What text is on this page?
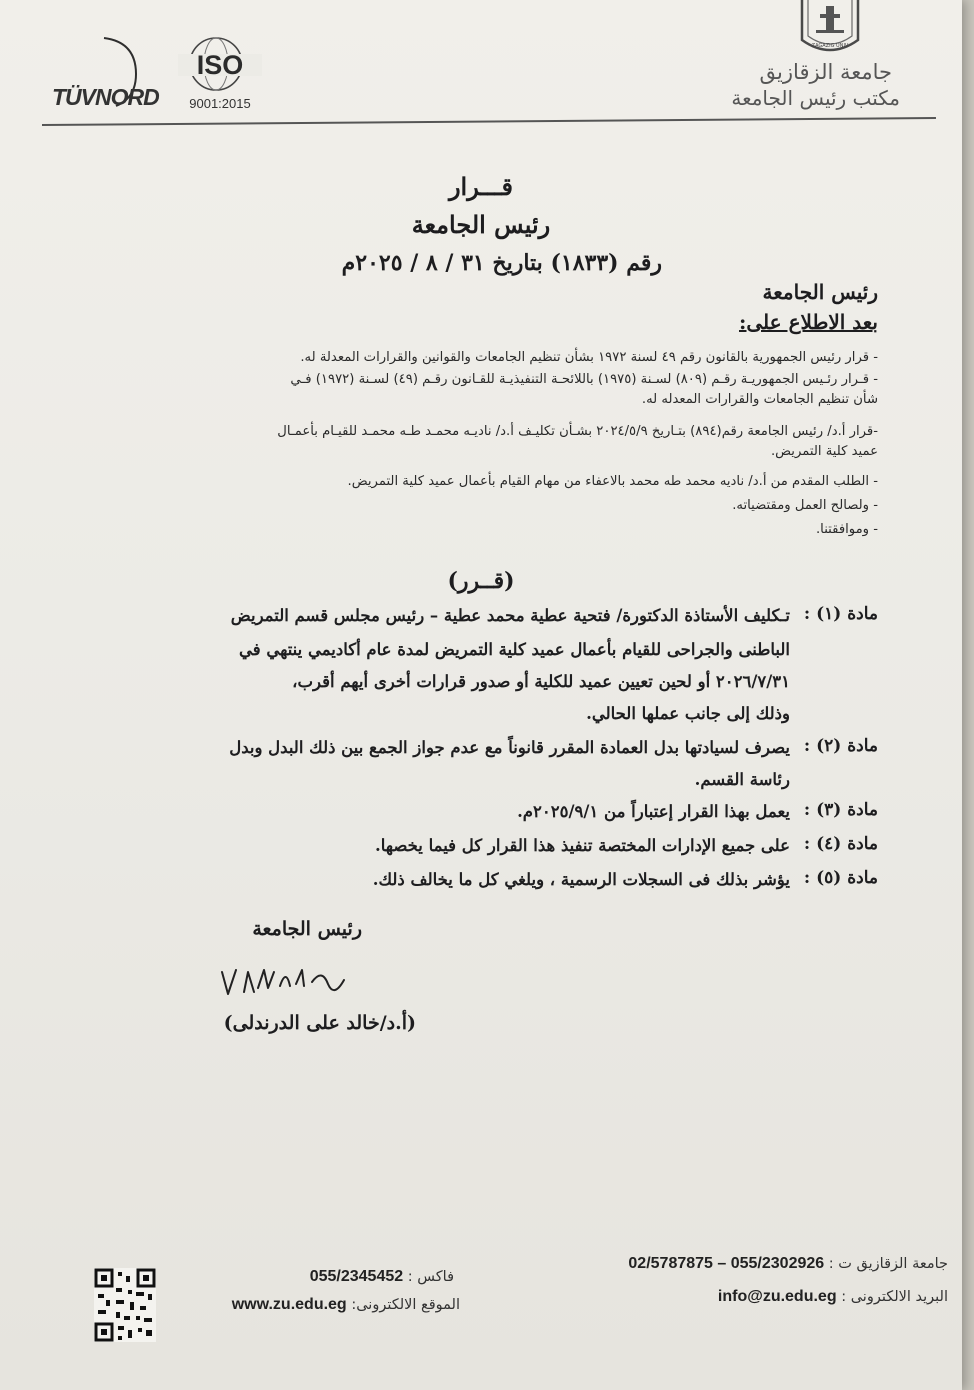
ZAGAZIG UNIV
جامعة الزقازيق
مكتب رئيس الجامعة
TÜVNORD
ISO
9001:2015
قـــرار
رئيس الجامعة
رقم (١٨٣٣) بتاريخ ٣١ / ٨ / ٢٠٢٥م
رئيس الجامعة
بعد الاطلاع على:
- قرار رئيس الجمهورية بالقانون رقم ٤٩ لسنة ١٩٧٢ بشأن تنظيم الجامعات والقوانين والقرارات المعدلة له.
- قـرار رئـيس الجمهوريـة رقـم (٨٠٩) لسـنة (١٩٧٥) باللائحـة التنفيذيـة للقـانون رقـم (٤٩) لسـنة (١٩٧٢) فـي
شأن تنظيم الجامعات والقرارات المعدله له.
-قرار أ.د/ رئيس الجامعة رقم(٨٩٤) بتـاريخ ٢٠٢٤/٥/٩ بشـأن تكليـف أ.د/ ناديـه محمـد طـه محمـد للقيـام بأعمـال
عميد كلية التمريض.
- الطلب المقدم من أ.د/ ناديه محمد طه محمد بالاعفاء من مهام القيام بأعمال عميد كلية التمريض.
- ولصالح العمل ومقتضياته.
- وموافقتنا.
(قــرر)
مادة (١) :
تـكليف الأستاذة الدكتورة/ فتحية عطية محمد عطية – رئيس مجلس قسم التمريض
الباطنى والجراحى للقيام بأعمال عميد كلية التمريض لمدة عام أكاديمي ينتهي في
٢٠٢٦/٧/٣١ أو لحين تعيين عميد للكلية أو صدور قرارات أخرى أيهم أقرب،
وذلك إلى جانب عملها الحالي.
مادة (٢) :
يصرف لسيادتها بدل العمادة المقرر قانوناً مع عدم جواز الجمع بين ذلك البدل وبدل
رئاسة القسم.
مادة (٣) :
يعمل بهذا القرار إعتباراً من ٢٠٢٥/٩/١م.
مادة (٤) :
على جميع الإدارات المختصة تنفيذ هذا القرار كل فيما يخصها.
مادة (٥) :
يؤشر بذلك فى السجلات الرسمية ، ويلغي كل ما يخالف ذلك.
رئيس الجامعة
(أ.د/خالد على الدرندلى)
جامعة الزقازيق ت : 055/2302926 – 02/5787875
البريد الالكترونى : info@zu.edu.eg
فاكس : 055/2345452
الموقع الالكترونى: www.zu.edu.eg
